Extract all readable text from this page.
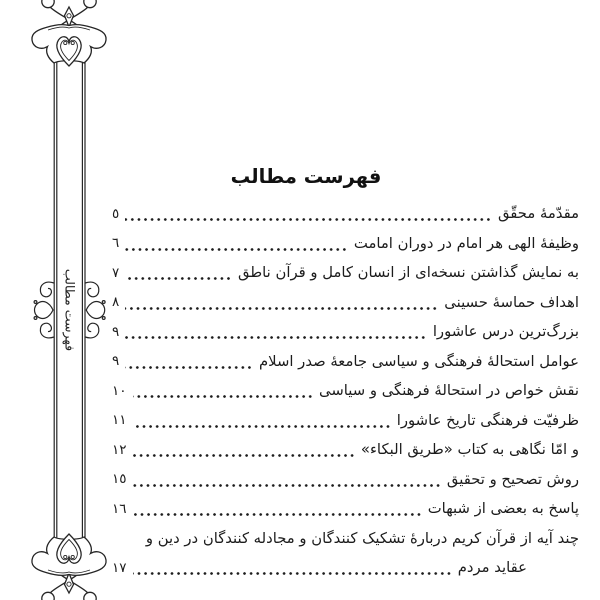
فهرست مطالب
فهرست مطالب
مقدّمۀ محقّق
٥
وظیفۀ الهی هر امام در دوران امامت
٦
به نمایش گذاشتن نسخه‌ای از انسان کامل و قرآن ناطق
٧
اهداف حماسۀ حسینی
٨
بزرگ‌ترین درس عاشورا
٩
عوامل استحالۀ فرهنگی و سیاسی جامعۀ صدر اسلام
٩
نقش خواص در استحالۀ فرهنگی و سیاسی
١٠
ظرفیّت فرهنگی تاریخ عاشورا
١١
و امّا نگاهی به کتاب «طریق البکاء»
١٢
روش تصحیح و تحقیق
١٥
پاسخ به بعضی از شبهات
١٦
چند آیه از قرآن کریم دربارۀ تشکیک کنندگان و مجادله کنندگان در دین و
عقاید مردم
١٧
